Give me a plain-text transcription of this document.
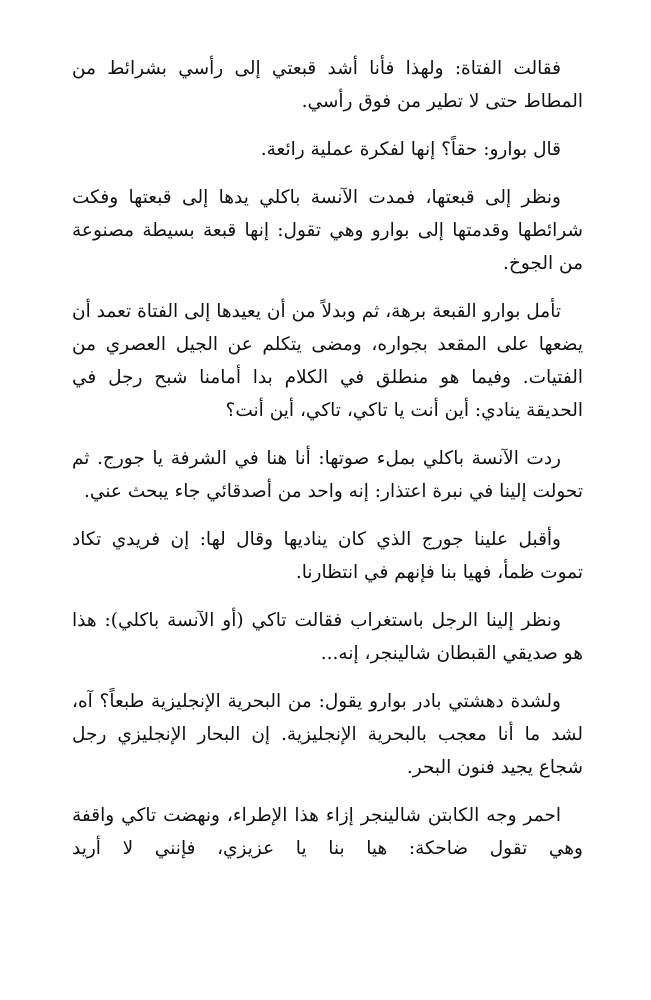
فقالت الفتاة: ولهذا فأنا أشد قبعتي إلى رأسي بشرائط من المطاط حتى لا تطير من فوق رأسي.

قال بوارو: حقاً؟ إنها لفكرة عملية رائعة.

ونظر إلى قبعتها، فمدت الآنسة باكلي يدها إلى قبعتها وفكت شرائطها وقدمتها إلى بوارو وهي تقول: إنها قبعة بسيطة مصنوعة من الجوخ.

تأمل بوارو القبعة برهة، ثم وبدلاً من أن يعيدها إلى الفتاة تعمد أن يضعها على المقعد بجواره، ومضى يتكلم عن الجيل العصري من الفتيات. وفيما هو منطلق في الكلام بدا أمامنا شبح رجل في الحديقة ينادي: أين أنت يا تاكي، تاكي، أين أنت؟

ردت الآنسة باكلي بملء صوتها: أنا هنا في الشرفة يا جورج. ثم تحولت إلينا في نبرة اعتذار: إنه واحد من أصدقائي جاء يبحث عني.

وأقبل علينا جورج الذي كان يناديها وقال لها: إن فريدي تكاد تموت ظمأ، فهيا بنا فإنهم في انتظارنا.

ونظر إلينا الرجل باستغراب فقالت تاكي (أو الآنسة باكلي): هذا هو صديقي القبطان شالينجر، إنه...

ولشدة دهشتي بادر بوارو يقول: من البحرية الإنجليزية طبعاً؟ آه، لشد ما أنا معجب بالبحرية الإنجليزية. إن البحار الإنجليزي رجل شجاع يجيد فنون البحر.

احمر وجه الكابتن شالينجر إزاء هذا الإطراء، ونهضت تاكي واقفة وهي تقول ضاحكة: هيا بنا يا عزيزي، فإنني لا أريد
